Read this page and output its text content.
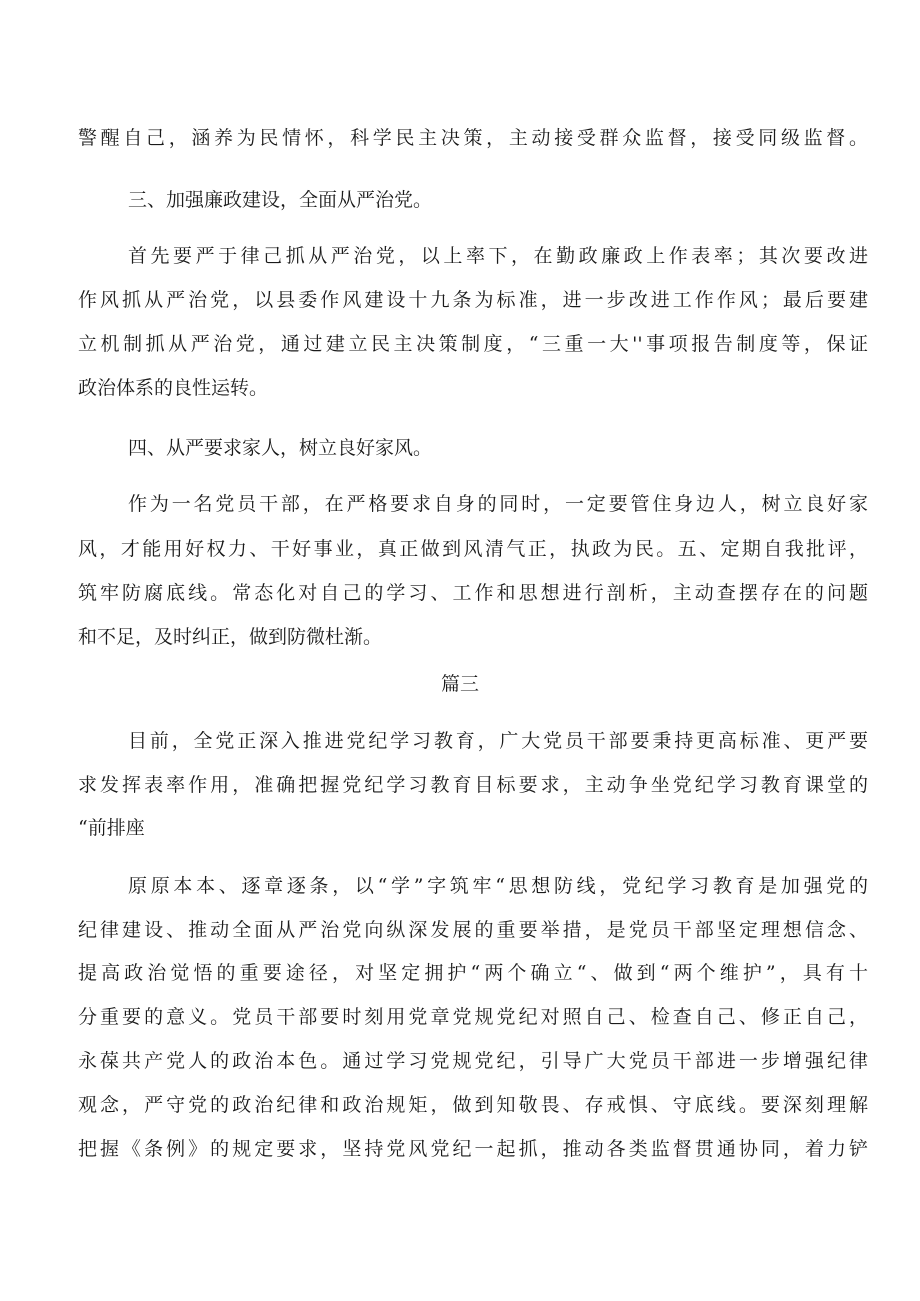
警醒自己，涵养为民情怀，科学民主决策，主动接受群众监督，接受同级监督。
三、加强廉政建设，全面从严治党。
首先要严于律己抓从严治党，以上率下，在勤政廉政上作表率；其次要改进
作风抓从严治党，以县委作风建设十九条为标准，进一步改进工作作风；最后要建
立机制抓从严治党，通过建立民主决策制度，“三重一大''事项报告制度等，保证
政治体系的良性运转。
四、从严要求家人，树立良好家风。
作为一名党员干部，在严格要求自身的同时，一定要管住身边人，树立良好家
风，才能用好权力、干好事业，真正做到风清气正，执政为民。五、定期自我批评，
筑牢防腐底线。常态化对自己的学习、工作和思想进行剖析，主动查摆存在的问题
和不足，及时纠正，做到防微杜渐。
篇三
目前，全党正深入推进党纪学习教育，广大党员干部要秉持更高标准、更严要
求发挥表率作用，准确把握党纪学习教育目标要求，主动争坐党纪学习教育课堂的
“前排座
原原本本、逐章逐条，以“学”字筑牢“思想防线，党纪学习教育是加强党的
纪律建设、推动全面从严治党向纵深发展的重要举措，是党员干部坚定理想信念、
提高政治觉悟的重要途径，对坚定拥护“两个确立“、做到“两个维护”，具有十
分重要的意义。党员干部要时刻用党章党规党纪对照自己、检查自己、修正自己，
永葆共产党人的政治本色。通过学习党规党纪，引导广大党员干部进一步增强纪律
观念，严守党的政治纪律和政治规矩，做到知敬畏、存戒惧、守底线。要深刻理解
把握《条例》的规定要求，坚持党风党纪一起抓，推动各类监督贯通协同，着力铲
